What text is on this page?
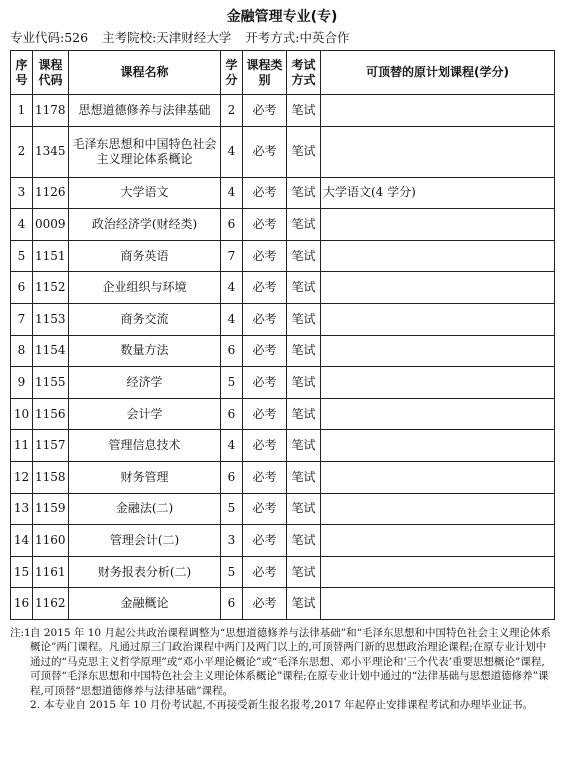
金融管理专业(专)
专业代码:526 主考院校:天津财经大学 开考方式:中英合作
序号	课程代码	课程名称	学分	课程类别	考试方式	可顶替的原计划课程(学分)
1	1178	思想道德修养与法律基础	2	必考	笔试	
2	1345	毛泽东思想和中国特色社会主义理论体系概论	4	必考	笔试	
3	1126	大学语文	4	必考	笔试	大学语文(4 学分)
4	0009	政治经济学(财经类)	6	必考	笔试	
5	1151	商务英语	7	必考	笔试	
6	1152	企业组织与环境	4	必考	笔试	
7	1153	商务交流	4	必考	笔试	
8	1154	数量方法	6	必考	笔试	
9	1155	经济学	5	必考	笔试	
10	1156	会计学	6	必考	笔试	
11	1157	管理信息技术	4	必考	笔试	
12	1158	财务管理	6	必考	笔试	
13	1159	金融法(二)	5	必考	笔试	
14	1160	管理会计(二)	3	必考	笔试	
15	1161	财务报表分析(二)	5	必考	笔试	
16	1162	金融概论	6	必考	笔试	
注:1.
自 2015 年 10 月起公共政治课程调整为“思想道德修养与法律基础”和“毛泽东思想和中国特色社会主义理论体系概论”两门课程。凡通过原三门政治课程中两门及两门以上的,可顶替两门新的思想政治理论课程;在原专业计划中通过的“马克思主义哲学原理”或“邓小平理论概论”或“毛泽东思想、邓小平理论和‘三个代表’重要思想概论”课程,可顶替“毛泽东思想和中国特色社会主义理论体系概论”课程;在原专业计划中通过的“法律基础与思想道德修养”课程,可顶替“思想道德修养与法律基础”课程。
2. 本专业自 2015 年 10 月份考试起,不再接受新生报名报考,2017 年起停止安排课程考试和办理毕业证书。
